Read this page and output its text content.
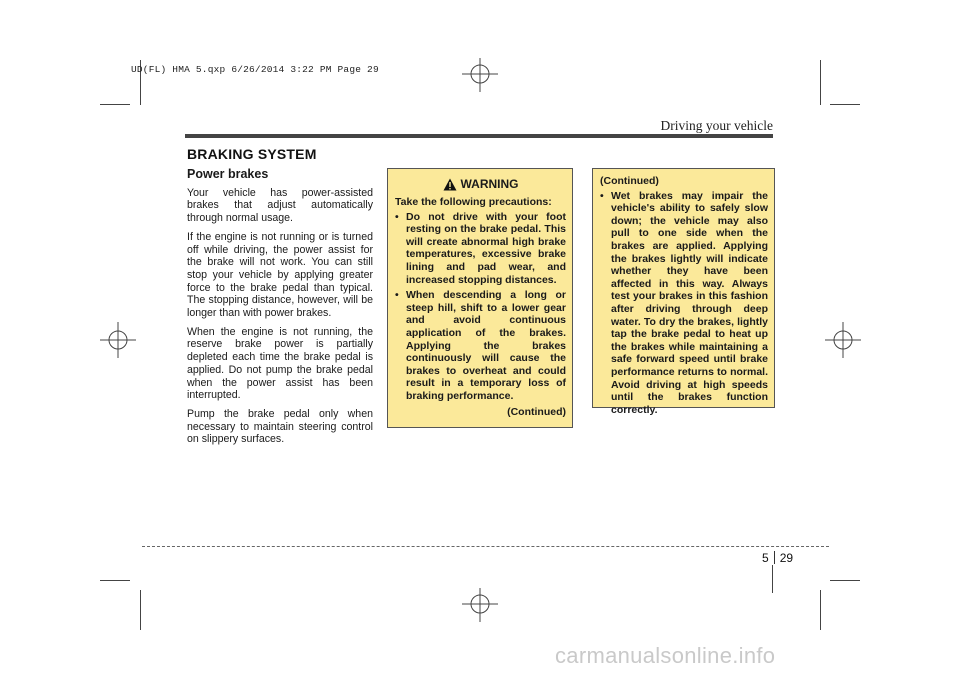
UD(FL) HMA 5.qxp 6/26/2014 3:22 PM Page 29
Driving your vehicle
BRAKING SYSTEM
Power brakes

Your vehicle has power-assisted brakes that adjust automatically through normal usage.

If the engine is not running or is turned off while driving, the power assist for the brake will not work. You can still stop your vehicle by applying greater force to the brake pedal than typical. The stopping distance, however, will be longer than with power brakes.

When the engine is not running, the reserve brake power is partially depleted each time the brake pedal is applied. Do not pump the brake pedal when the power assist has been interrupted.

Pump the brake pedal only when necessary to maintain steering control on slippery surfaces.

WARNING

Take the following precautions:

• Do not drive with your foot resting on the brake pedal. This will create abnormal high brake temperatures, excessive brake lining and pad wear, and increased stopping distances.
• When descending a long or steep hill, shift to a lower gear and avoid continuous application of the brakes. Applying the brakes continuously will cause the brakes to overheat and could result in a temporary loss of braking performance.
(Continued)

(Continued)

• Wet brakes may impair the vehicle's ability to safely slow down; the vehicle may also pull to one side when the brakes are applied. Applying the brakes lightly will indicate whether they have been affected in this way. Always test your brakes in this fashion after driving through deep water. To dry the brakes, lightly tap the brake pedal to heat up the brakes while maintaining a safe forward speed until brake performance returns to normal. Avoid driving at high speeds until the brakes function correctly.
5 29
carmanualsonline.info
